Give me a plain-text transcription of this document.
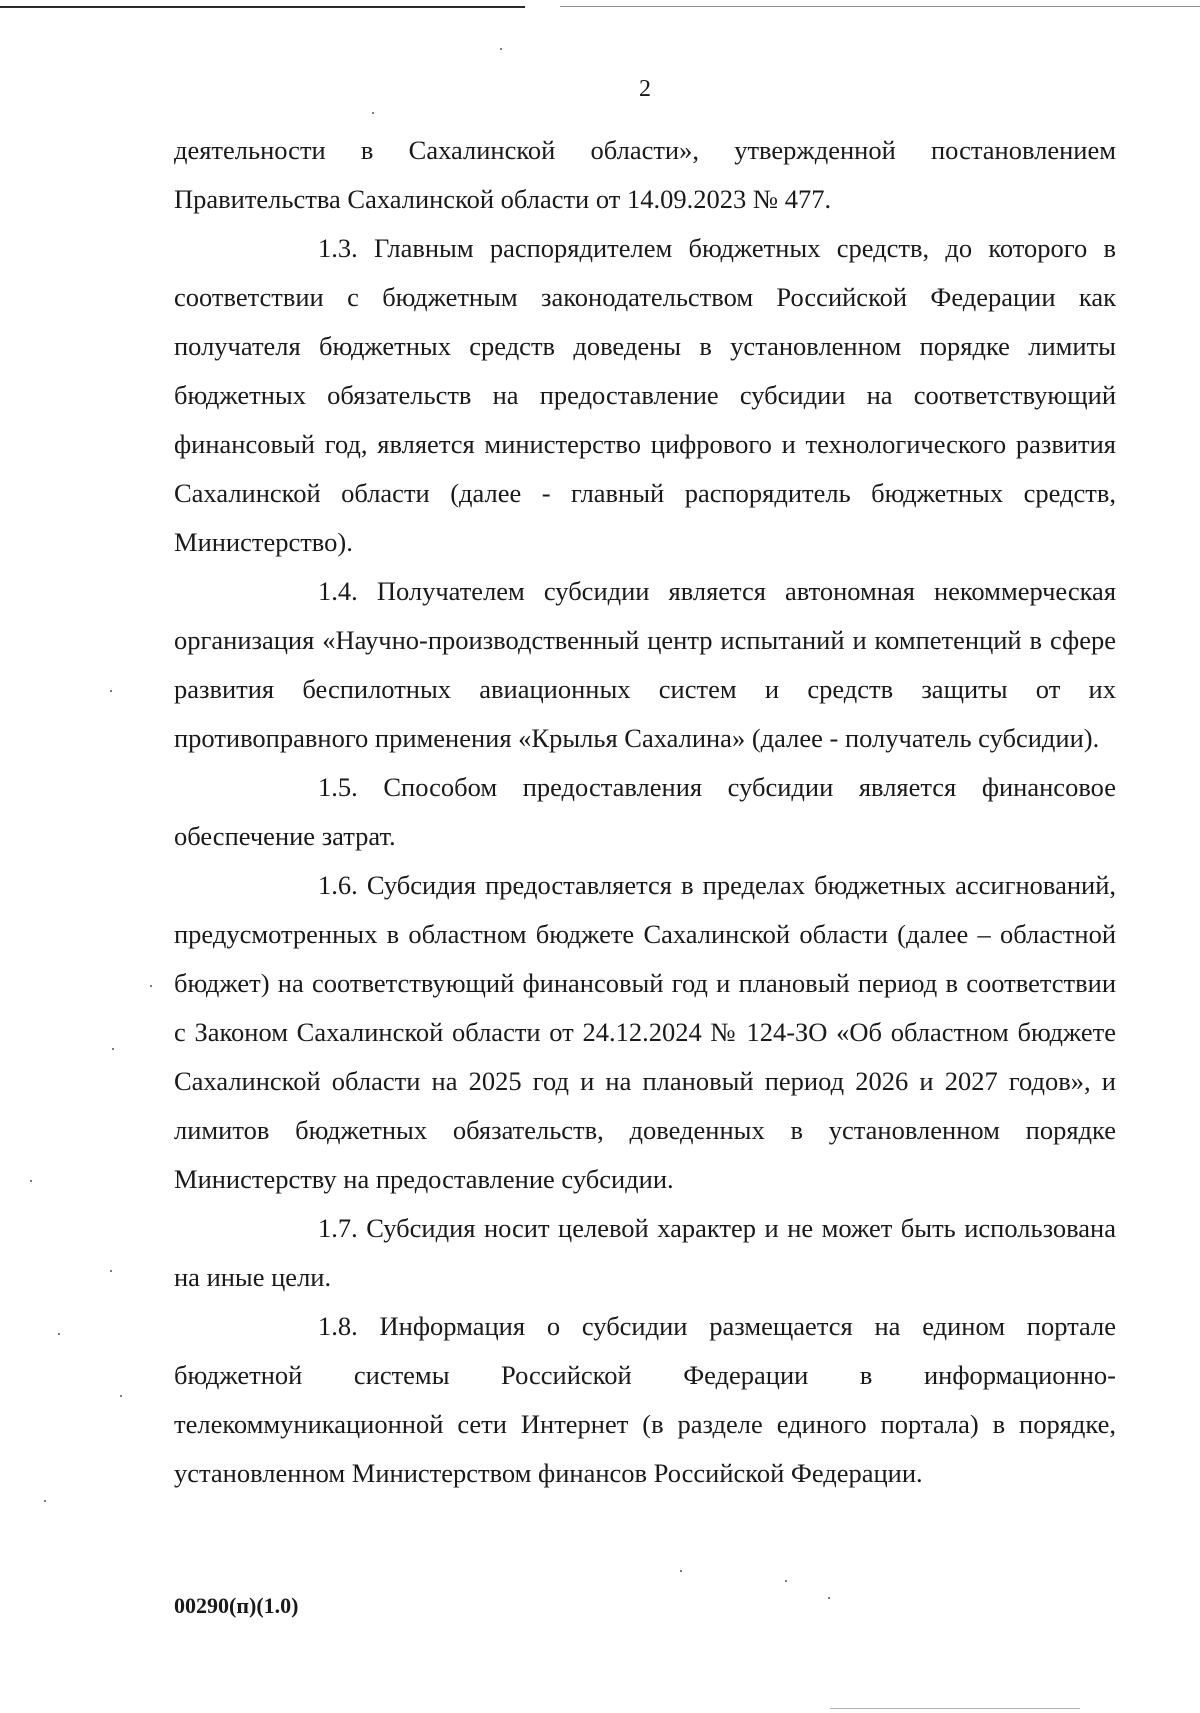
2

деятельности в Сахалинской области», утвержденной постановлением Правительства Сахалинской области от 14.09.2023 № 477.

1.3. Главным распорядителем бюджетных средств, до которого в соответствии с бюджетным законодательством Российской Федерации как получателя бюджетных средств доведены в установленном порядке лимиты бюджетных обязательств на предоставление субсидии на соответствующий финансовый год, является министерство цифрового и технологического развития Сахалинской области (далее - главный распорядитель бюджетных средств, Министерство).

1.4. Получателем субсидии является автономная некоммерческая организация «Научно-производственный центр испытаний и компетенций в сфере развития беспилотных авиационных систем и средств защиты от их противоправного применения «Крылья Сахалина» (далее - получатель субсидии).

1.5. Способом предоставления субсидии является финансовое обеспечение затрат.

1.6. Субсидия предоставляется в пределах бюджетных ассигнований, предусмотренных в областном бюджете Сахалинской области (далее – областной бюджет) на соответствующий финансовый год и плановый период в соответствии с Законом Сахалинской области от 24.12.2024 № 124-ЗО «Об областном бюджете Сахалинской области на 2025 год и на плановый период 2026 и 2027 годов», и лимитов бюджетных обязательств, доведенных в установленном порядке Министерству на предоставление субсидии.

1.7. Субсидия носит целевой характер и не может быть использована на иные цели.

1.8. Информация о субсидии размещается на едином портале бюджетной системы Российской Федерации в информационно-телекоммуникационной сети Интернет (в разделе единого портала) в порядке, установленном Министерством финансов Российской Федерации.

00290(п)(1.0)
